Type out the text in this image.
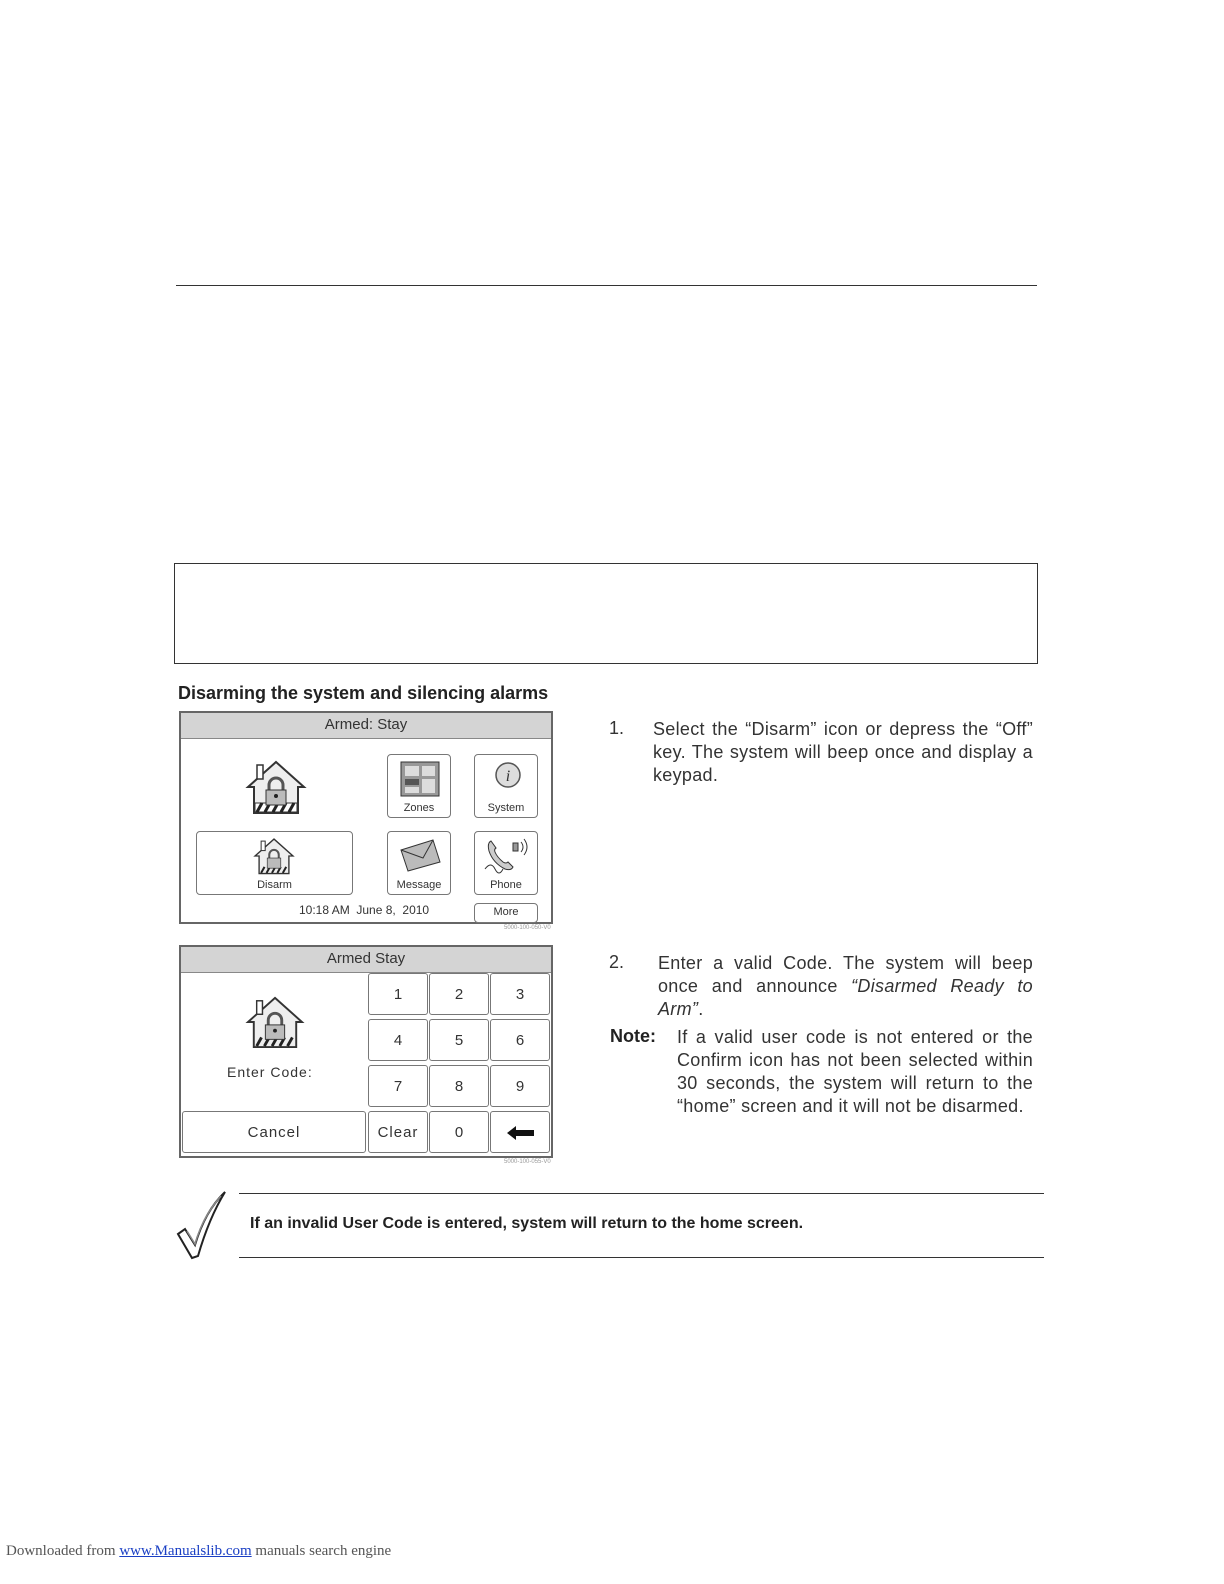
Disarming the system and silencing alarms
Armed: Stay
Zones
i
System
Disarm	Message	Phone
10:18 AM  June 8,  2010	More
5000-100-050-V0
Armed Stay
Enter Code:
1	2	3
4	5	6
7	8	9
Cancel	Clear	0
5000-100-055-V0
1. Select the “Disarm” icon or depress the “Off” key. The system will beep once and display a keypad.
2. Enter a valid Code. The system will beep once and announce “Disarmed Ready to Arm”.
Note: If a valid user code is not entered or the Confirm icon has not been selected within 30 seconds, the system will return to the “home” screen and it will not be disarmed.
If an invalid User Code is entered, system will return to the home screen.
Downloaded from www.Manualslib.com manuals search engine
